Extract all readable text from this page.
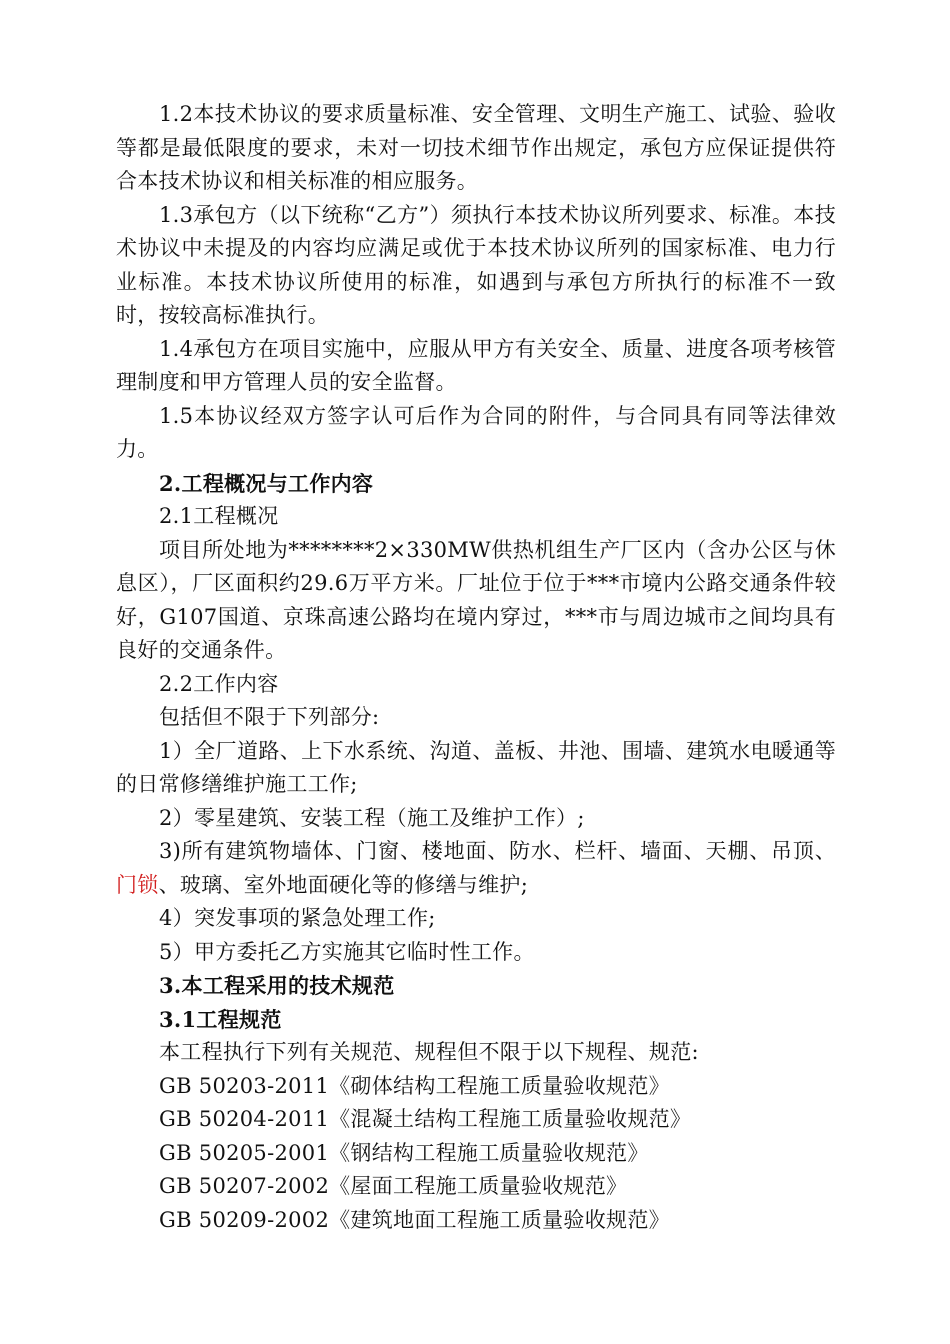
1.2本技术协议的要求质量标准、安全管理、文明生产施工、试验、验收等都是最低限度的要求，未对一切技术细节作出规定，承包方应保证提供符合本技术协议和相关标准的相应服务。

1.3承包方（以下统称“乙方”）须执行本技术协议所列要求、标准。本技术协议中未提及的内容均应满足或优于本技术协议所列的国家标准、电力行业标准。本技术协议所使用的标准，如遇到与承包方所执行的标准不一致时，按较高标准执行。

1.4承包方在项目实施中，应服从甲方有关安全、质量、进度各项考核管理制度和甲方管理人员的安全监督。

1.5本协议经双方签字认可后作为合同的附件，与合同具有同等法律效力。

2.工程概况与工作内容

2.1工程概况

项目所处地为********2×330MW供热机组生产厂区内（含办公区与休息区），厂区面积约29.6万平方米。厂址位于位于***市境内公路交通条件较好，G107国道、京珠高速公路均在境内穿过，***市与周边城市之间均具有良好的交通条件。

2.2工作内容

包括但不限于下列部分:

1）全厂道路、上下水系统、沟道、盖板、井池、围墙、建筑水电暖通等的日常修缮维护施工工作;

2）零星建筑、安装工程（施工及维护工作）;

3)所有建筑物墙体、门窗、楼地面、防水、栏杆、墙面、天棚、吊顶、门锁、玻璃、室外地面硬化等的修缮与维护;

4）突发事项的紧急处理工作;

5）甲方委托乙方实施其它临时性工作。

3.本工程采用的技术规范

3.1工程规范

本工程执行下列有关规范、规程但不限于以下规程、规范:

GB 50203-2011《砌体结构工程施工质量验收规范》

GB 50204-2011《混凝土结构工程施工质量验收规范》

GB 50205-2001《钢结构工程施工质量验收规范》

GB 50207-2002《屋面工程施工质量验收规范》

GB 50209-2002《建筑地面工程施工质量验收规范》
